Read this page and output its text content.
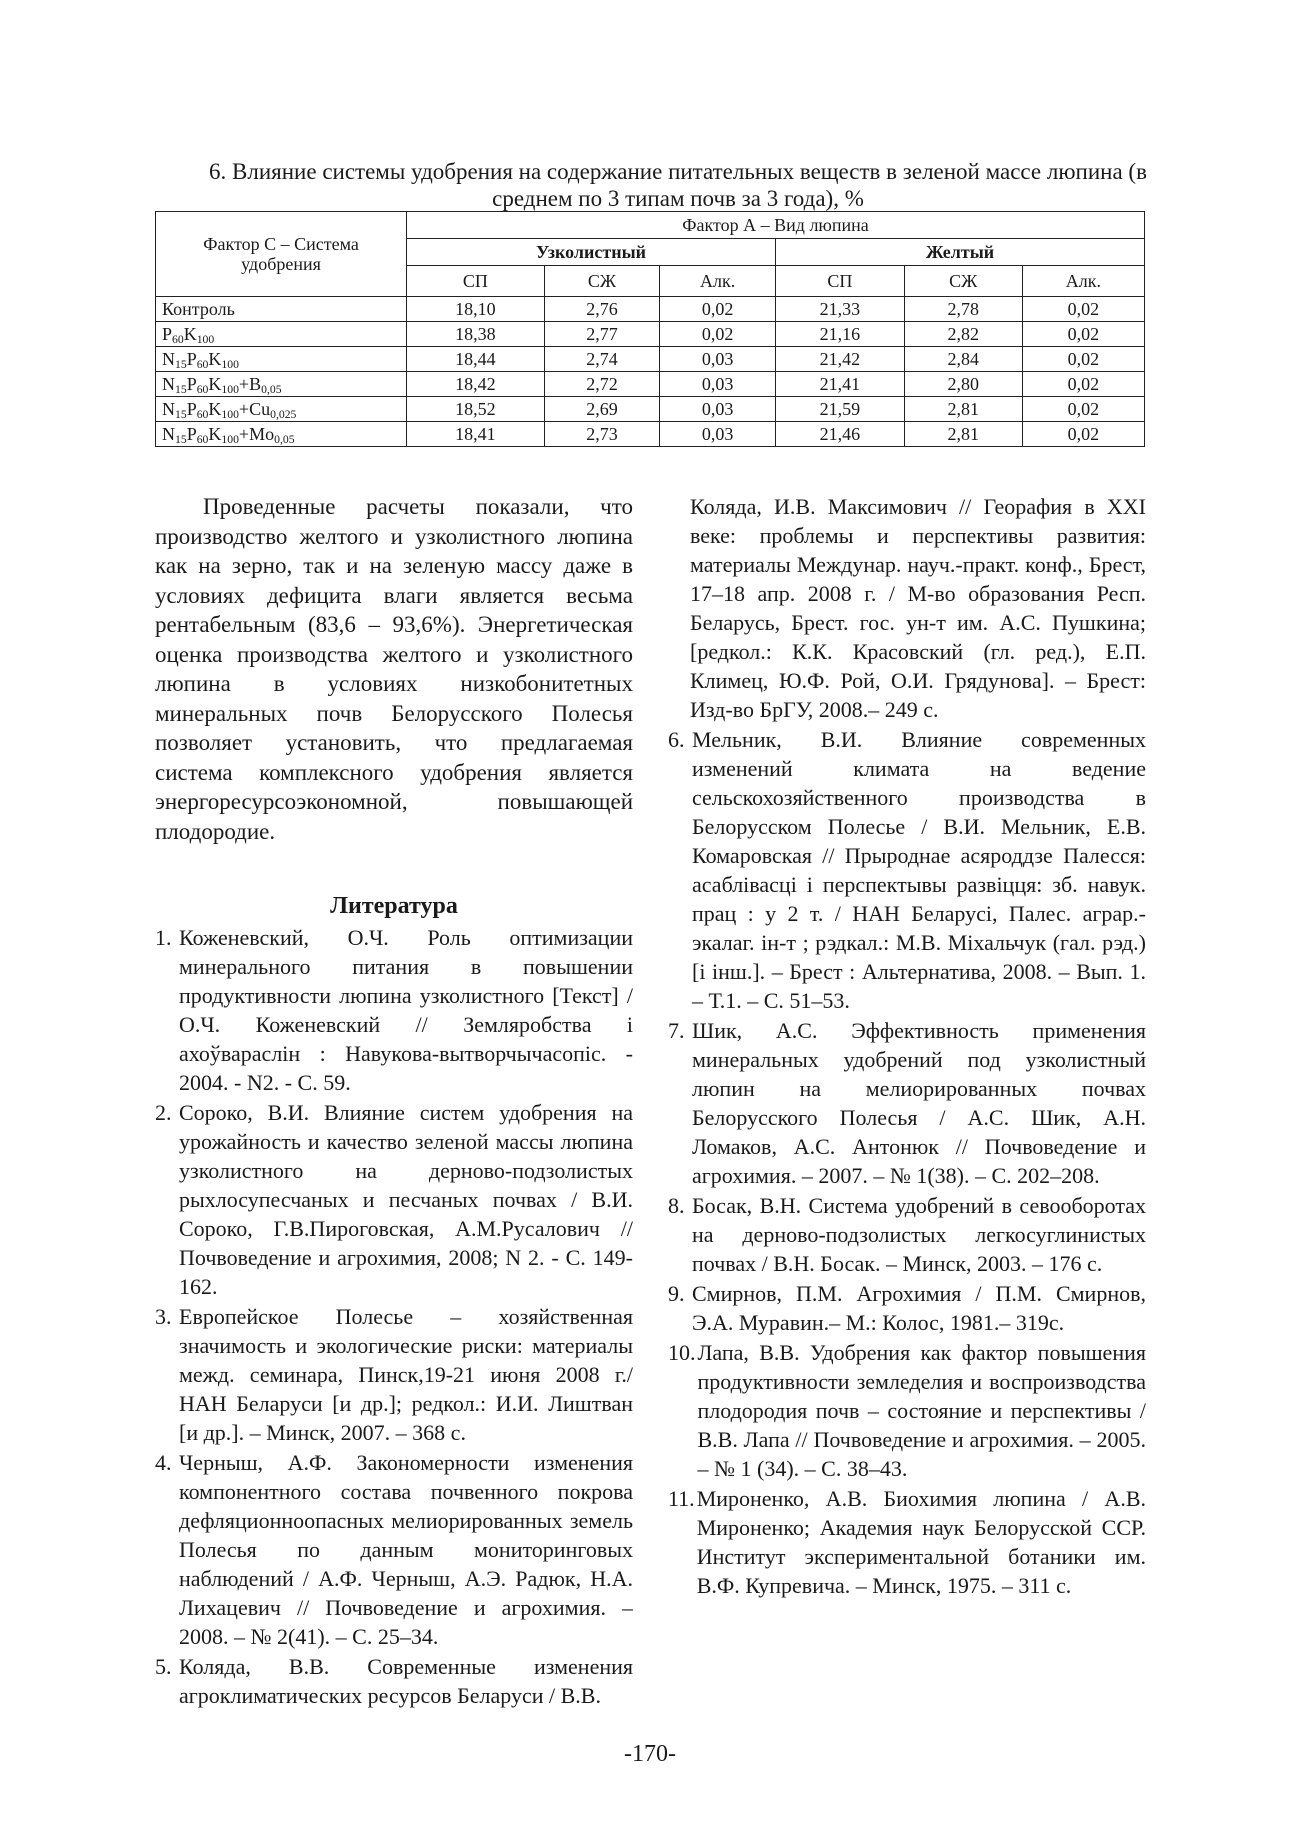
6. Влияние системы удобрения на содержание питательных веществ в зеленой массе люпина (в среднем по 3 типам почв за 3 года), %
Фактор С – Система удобрения	Фактор А – Вид люпина					
	Узколистный			Желтый		
	СП	СЖ	Алк.	СП	СЖ	Алк.
Контроль	18,10	2,76	0,02	21,33	2,78	0,02
$P_{60}K_{100}$	18,38	2,77	0,02	21,16	2,82	0,02
$N_{15}P_{60}K_{100}$	18,44	2,74	0,03	21,42	2,84	0,02
$N_{15}P_{60}K_{100}+B_{0,05}$	18,42	2,72	0,03	21,41	2,80	0,02
$N_{15}P_{60}K_{100}+Cu_{0,025}$	18,52	2,69	0,03	21,59	2,81	0,02
$N_{15}P_{60}K_{100}+Mo_{0,05}$	18,41	2,73	0,03	21,46	2,81	0,02

Проведенные расчеты показали, что производство желтого и узколистного люпина как на зерно, так и на зеленую массу даже в условиях дефицита влаги является весьма рентабельным (83,6 – 93,6%). Энергетическая оценка производства желтого и узколистного люпина в условиях низкобонитетных минеральных почв Белорусского Полесья позволяет установить, что предлагаемая система комплексного удобрения является энергоресурсоэкономной, повышающей плодородие.

Литература
1. Коженевский, О.Ч. Роль оптимизации минерального питания в повышении продуктивности люпина узколистного [Текст] / О.Ч. Коженевский // Земляробства і ахоўварaслін : Навукова-вытворчычасопіс. - 2004. - N2. - С. 59.
2. Сороко, В.И. Влияние систем удобрения на урожайность и качество зеленой массы люпина узколистного на дерново-подзолистых рыхлосупесчаных и песчаных почвах / В.И. Сороко, Г.В.Пироговская, А.М.Русалович // Почвоведение и агрохимия, 2008; N 2. - С. 149-162.
3. Европейское Полесье – хозяйственная значимость и экологические риски: материалы межд. семинара, Пинск,19-21 июня 2008 г./ НАН Беларуси [и др.]; редкол.: И.И. Лиштван [и др.]. – Минск, 2007. – 368 с.
4. Черныш, А.Ф. Закономерности изменения компонентного состава почвенного покрова дефляционноопасных мелиорированных земель Полесья по данным мониторинговых наблюдений / А.Ф. Черныш, А.Э. Радюк, Н.А. Лихацевич // Почвоведение и агрохимия. – 2008. – № 2(41). – С. 25–34.
5. Коляда, В.В. Современные изменения агроклиматических ресурсов Беларуси / В.В.
Коляда, И.В. Максимович // Георафия в XXI веке: проблемы и перспективы развития: материалы Междунар. науч.-практ. конф., Брест, 17–18 апр. 2008 г. / М-во образования Респ. Беларусь, Брест. гос. ун-т им. А.С. Пушкина; [редкол.: К.К. Красовский (гл. ред.), Е.П. Климец, Ю.Ф. Рой, О.И. Грядунова]. – Брест: Изд-во БрГУ, 2008.– 249 с.
6. Мельник, В.И. Влияние современных изменений климата на ведение сельскохозяйственного производства в Белорусском Полесье / В.И. Мельник, Е.В. Комаровская // Прыроднае асяроддзе Палесся: асаблівасці і перспектывы развіцця: зб. навук. прац : у 2 т. / НАН Беларусі, Палес. аграр.-экалаг. ін-т ; рэдкал.: М.В. Міхальчук (гал. рэд.) [і інш.]. – Брест : Альтернатива, 2008. – Вып. 1. – Т.1. – С. 51–53.
7. Шик, А.С. Эффективность применения минеральных удобрений под узколистный люпин на мелиорированных почвах Белорусского Полесья / А.С. Шик, А.Н. Ломаков, А.С. Антонюк // Почвоведение и агрохимия. – 2007. – № 1(38). – С. 202–208.
8. Босак, В.Н. Система удобрений в севооборотах на дерново-подзолистых легкосуглинистых почвах / В.Н. Босак. – Минск, 2003. – 176 с.
9. Смирнов, П.М. Агрохимия / П.М. Смирнов, Э.А. Муравин.– М.: Колос, 1981.– 319с.
10. Лапа, В.В. Удобрения как фактор повышения продуктивности земледелия и воспроизводства плодородия почв – состояние и перспективы / В.В. Лапа // Почвоведение и агрохимия. – 2005. – № 1 (34). – С. 38–43.
11. Мироненко, А.В. Биохимия люпина / А.В. Мироненко; Академия наук Белорусской ССР. Институт экспериментальной ботаники им. В.Ф. Купревича. – Минск, 1975. – 311 с.
-170-
